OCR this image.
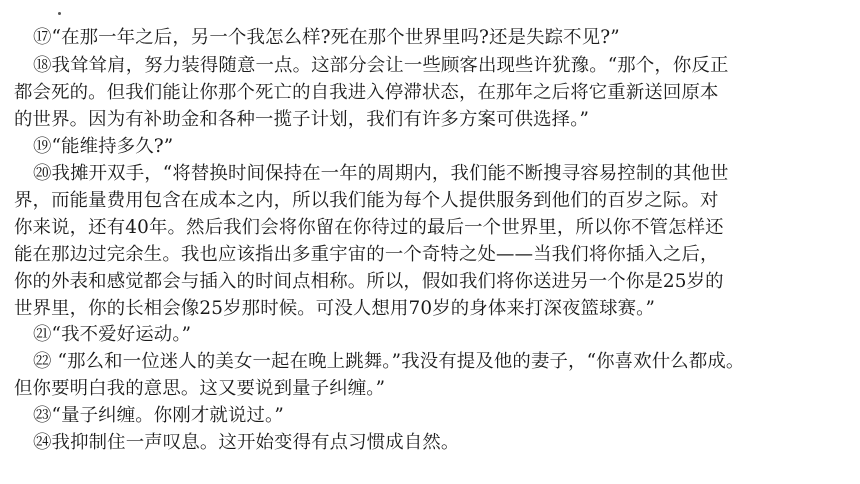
⑰“在那一年之后，另一个我怎么样?死在那个世界里吗?还是失踪不见?”
⑱我耸耸肩，努力装得随意一点。这部分会让一些顾客出现些许犹豫。“那个，你反正
都会死的。但我们能让你那个死亡的自我进入停滞状态，在那年之后将它重新送回原本
的世界。因为有补助金和各种一揽子计划，我们有许多方案可供选择。”
⑲“能维持多久?”
⑳我摊开双手，“将替换时间保持在一年的周期内，我们能不断搜寻容易控制的其他世
界，而能量费用包含在成本之内，所以我们能为每个人提供服务到他们的百岁之际。对
你来说，还有40年。然后我们会将你留在你待过的最后一个世界里，所以你不管怎样还
能在那边过完余生。我也应该指出多重宇宙的一个奇特之处——当我们将你插入之后，
你的外表和感觉都会与插入的时间点相称。所以，假如我们将你送进另一个你是25岁的
世界里，你的长相会像25岁那时候。可没人想用70岁的身体来打深夜篮球赛。”
㉑“我不爱好运动。”
㉒ “那么和一位迷人的美女一起在晚上跳舞。”我没有提及他的妻子，“你喜欢什么都成。
但你要明白我的意思。这又要说到量子纠缠。”
㉓“量子纠缠。你刚才就说过。”
㉔我抑制住一声叹息。这开始变得有点习惯成自然。
